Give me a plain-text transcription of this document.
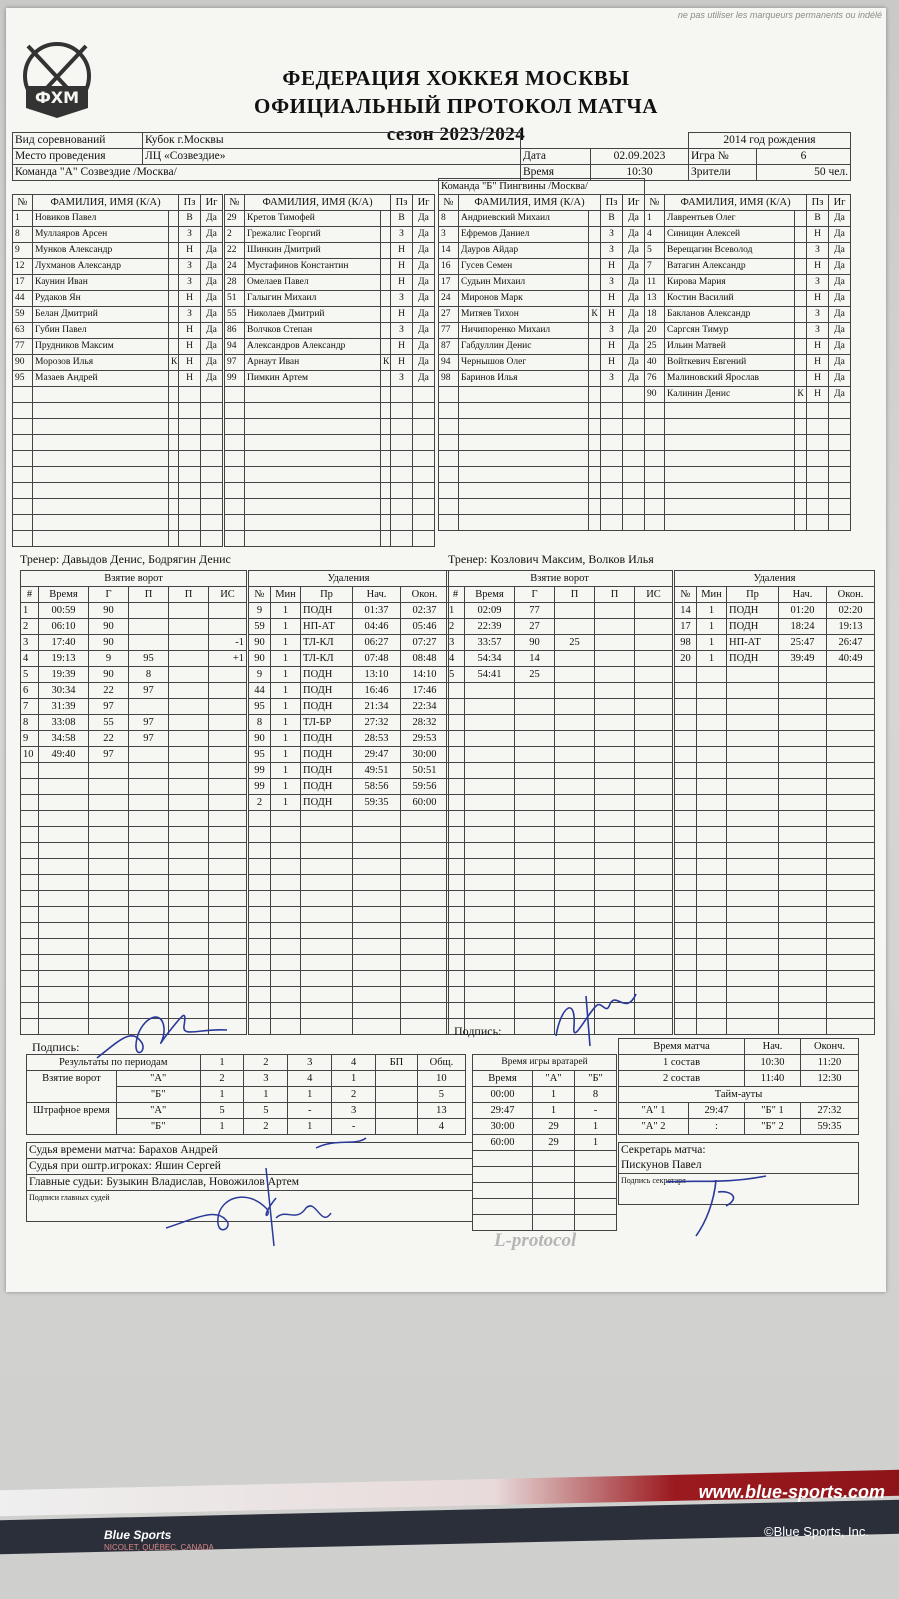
ne pas utiliser les marqueurs permanents ou indélé
ФХМ
ФЕДЕРАЦИЯ ХОККЕЯ МОСКВЫ
ОФИЦИАЛЬНЫЙ ПРОТОКОЛ МАТЧА
сезон 2023/2024
Вид соревнований	Кубок г.Москвы			2014 год рождения	
Место проведения	ЛЦ «Созвездие»	Дата	02.09.2023	Игра №	6
Команда "А" Созвездие /Москва/		Время	10:30	Зрители	50 чел.
№	ФАМИЛИЯ, ИМЯ (К/А)		Пз	Иг
1	Новиков Павел		В	Да
8	Муллаяров Арсен		З	Да
9	Мунков Александр		Н	Да
12	Лухманов Александр		З	Да
17	Каунин Иван		З	Да
44	Рудаков Ян		Н	Да
59	Белан Дмитрий		З	Да
63	Губин Павел		Н	Да
77	Прудников Максим		Н	Да
90	Морозов Илья	К	Н	Да
95	Мазаев Андрей		Н	Да

№	ФАМИЛИЯ, ИМЯ (К/А)		Пз	Иг
29	Кретов Тимофей		В	Да
2	Грежалис Георгий		З	Да
22	Шинкин Дмитрий		Н	Да
24	Мустафинов Константин		Н	Да
28	Омелаев Павел		Н	Да
51	Галыгин Михаил		З	Да
55	Николаев Дмитрий		Н	Да
86	Волчков Степан		З	Да
94	Александров Александр		Н	Да
97	Арнаут Иван	К	Н	Да
99	Пимкин Артем		З	Да

Команда "Б" Пингвины /Москва/				
№	ФАМИЛИЯ, ИМЯ (К/А)		Пз	Иг
8	Андриевский Михаил		В	Да
3	Ефремов Даниел		З	Да
14	Дауров Айдар		З	Да
16	Гусев Семен		Н	Да
17	Судьин Михаил		З	Да
24	Миронов Марк		Н	Да
27	Митяев Тихон	К	Н	Да
77	Ничипоренко Михаил		З	Да
87	Габдуллин Денис		Н	Да
94	Чернышов Олег		Н	Да
98	Баринов Илья		З	Да

№	ФАМИЛИЯ, ИМЯ (К/А)		Пз	Иг
1	Лаврентьев Олег		В	Да
4	Синицин Алексей		Н	Да
5	Верещагин Всеволод		З	Да
7	Ватагин Александр		Н	Да
11	Кирова Мария		З	Да
13	Костин Василий		Н	Да
18	Бакланов Александр		З	Да
20	Саргсян Тимур		З	Да
25	Ильин Матвей		Н	Да
40	Войткевич Евгений		Н	Да
76	Малиновский Ярослав		Н	Да
90	Калинин Денис	К	Н	Да

Тренер: Давыдов Денис, Бодрягин Денис	Тренер: Козлович Максим, Волков Илья
Взятие ворот					
#	Время	Г	П	П	ИС
1	00:59	90			
2	06:10	90			
3	17:40	90			-1
4	19:13	9	95		+1
5	19:39	90	8		
6	30:34	22	97		
7	31:39	97			
8	33:08	55	97		
9	34:58	22	97		
10	49:40	97			

Удаления				
№	Мин	Пр	Нач.	Окон.
9	1	ПОДН	01:37	02:37
59	1	НП-АТ	04:46	05:46
90	1	ТЛ-КЛ	06:27	07:27
90	1	ТЛ-КЛ	07:48	08:48
9	1	ПОДН	13:10	14:10
44	1	ПОДН	16:46	17:46
95	1	ПОДН	21:34	22:34
8	1	ТЛ-БР	27:32	28:32
90	1	ПОДН	28:53	29:53
95	1	ПОДН	29:47	30:00
99	1	ПОДН	49:51	50:51
99	1	ПОДН	58:56	59:56
2	1	ПОДН	59:35	60:00

Взятие ворот					
#	Время	Г	П	П	ИС
1	02:09	77			
2	22:39	27			
3	33:57	90	25		
4	54:34	14			
5	54:41	25			

Удаления				
№	Мин	Пр	Нач.	Окон.
14	1	ПОДН	01:20	02:20
17	1	ПОДН	18:24	19:13
98	1	НП-АТ	25:47	26:47
20	1	ПОДН	39:49	40:49

Подпись:
Подпись:
Результаты по периодам		1	2	3	4	БП	Общ.
Взятие ворот	"А"	2	3	4	1		10
	"Б"	1	1	1	2		5
Штрафное время	"А"	5	5	-	3		13
	"Б"	1	2	1	-		4
Время игры вратарей		
Время	"А"	"Б"
00:00	1	8
29:47	1	-
30:00	29	1
60:00	29	1

Время матча		Нач.	Оконч.
1 состав		10:30	11:20
2 состав		11:40	12:30
Тайм-ауты			
"А" 1	29:47	"Б" 1	27:32
"А" 2	:	"Б" 2	59:35
Судья времени матча: Барахов Андрей
Судья при оштр.игроках: Яшин Сергей
Главные судьи: Бузыкин Владислав, Новожилов Артем
Подписи главных судей
Секретарь матча:
Пискунов Павел
Подпись секретаря
L-protocol
www.blue-sports.com
Blue Sports
NICOLET, QUÉBEC, CANADA
©Blue Sports, Inc.
